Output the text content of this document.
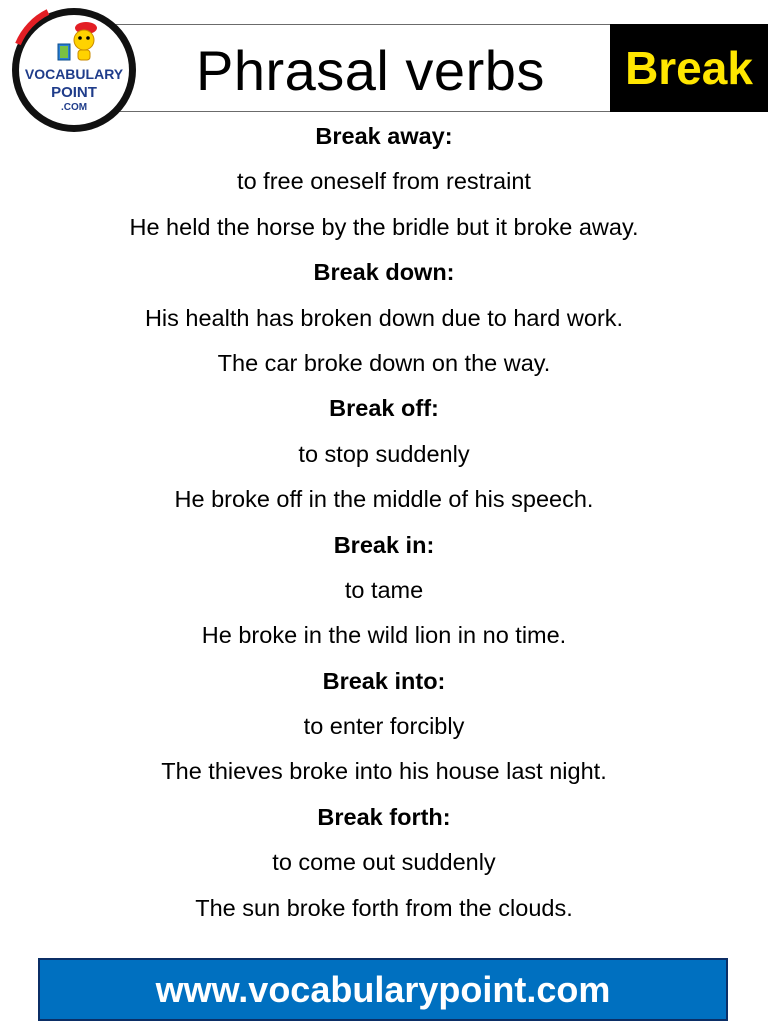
VOCABULARY
POINT
.COM
Phrasal verbs	Break
Break away:
to free oneself from restraint
He held the horse by the bridle but it broke away.
Break down:
His health has broken down due to hard work.
The car broke down on the way.
Break off:
to stop suddenly
He broke off in the middle of his speech.
Break in:
to tame
He broke in the wild lion in no time.
Break into:
to enter forcibly
The thieves broke into his house last night.
Break forth:
to come out suddenly
The sun broke forth from the clouds.
www.vocabularypoint.com
